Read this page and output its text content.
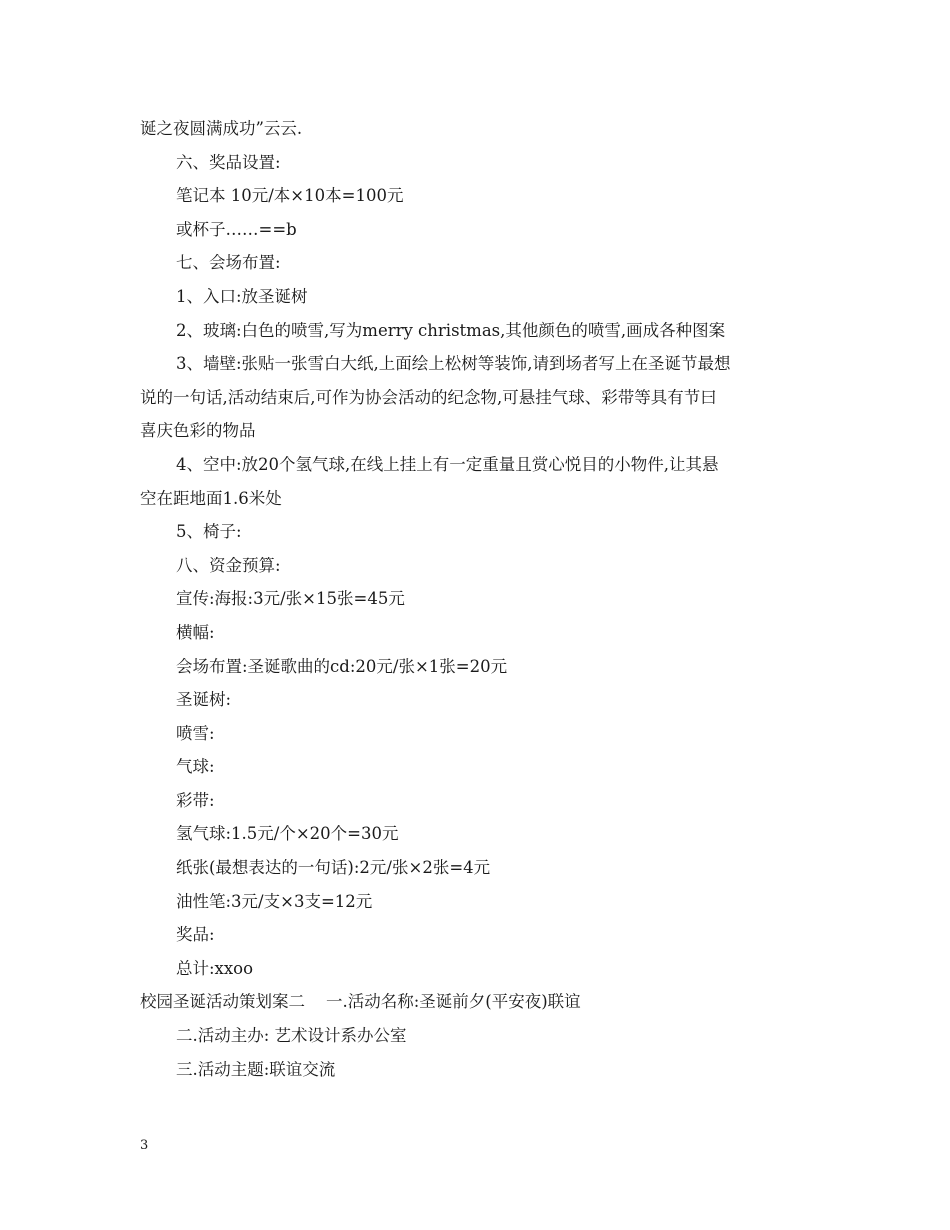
诞之夜圆满成功”云云.

六、奖品设置:

笔记本 10元/本×10本=100元

或杯子……==b

七、会场布置:

1、入口:放圣诞树

2、玻璃:白色的喷雪,写为merry christmas,其他颜色的喷雪,画成各种图案

3、墙壁:张贴一张雪白大纸,上面绘上松树等装饰,请到场者写上在圣诞节最想

说的一句话,活动结束后,可作为协会活动的纪念物,可悬挂气球、彩带等具有节曰

喜庆色彩的物品

4、空中:放20个氢气球,在线上挂上有一定重量且赏心悦目的小物件,让其悬

空在距地面1.6米处

5、椅子:

八、资金预算:

宣传:海报:3元/张×15张=45元

横幅:

会场布置:圣诞歌曲的cd:20元/张×1张=20元

圣诞树:

喷雪:

气球:

彩带:

氢气球:1.5元/个×20个=30元

纸张(最想表达的一句话):2元/张×2张=4元

油性笔:3元/支×3支=12元

奖品:

总计:xxoo

校园圣诞活动策划案二    一.活动名称:圣诞前夕(平安夜)联谊

二.活动主办: 艺术设计系办公室

三.活动主题:联谊交流

3
